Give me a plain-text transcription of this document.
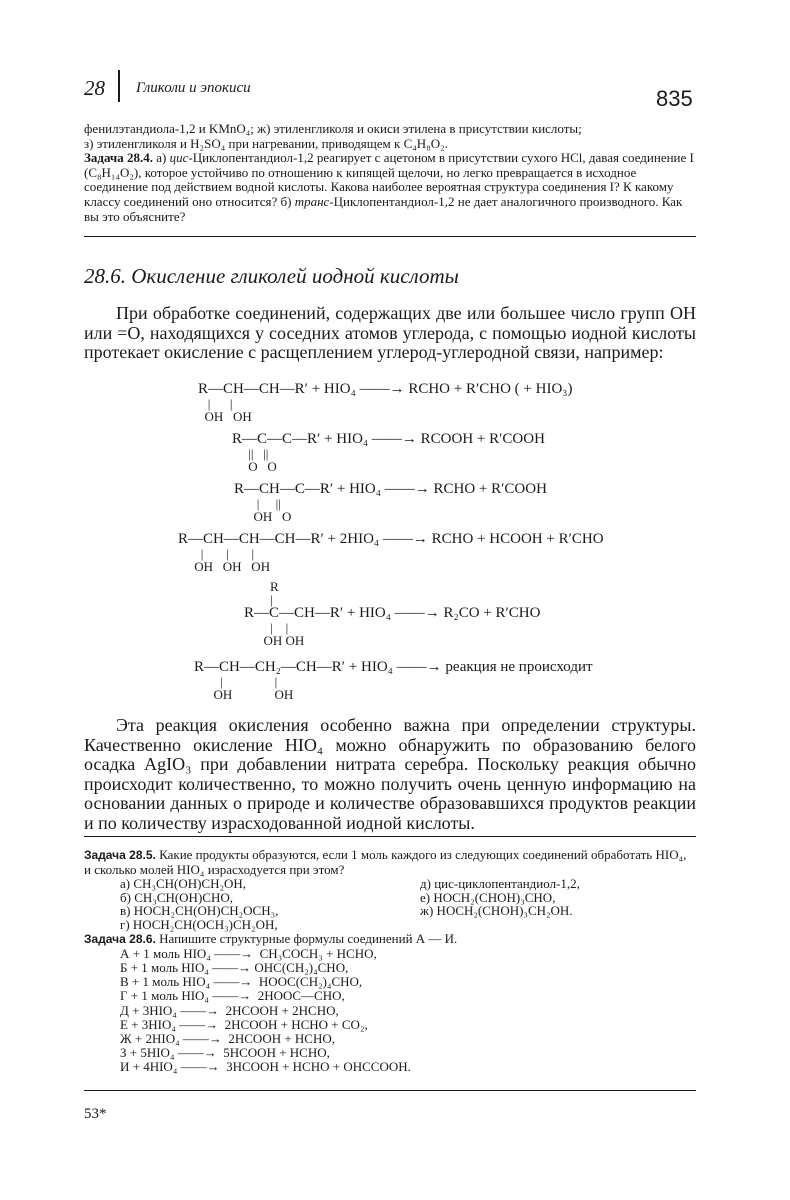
28 Гликоли и эпокиси	835
фенилэтандиола-1,2 и KMnO₄; ж) этиленгликоля и окиси этилена в присутствии кислоты;
з) этиленгликоля и H₂SO₄ при нагревании, приводящем к C₄H₈O₂.
Задача 28.4. а) цис-Циклопентандиол-1,2 реагирует с ацетоном в присутствии сухого HCl, давая соединение I (C₈H₁₄O₂), которое устойчиво по отношению к кипящей щелочи, но легко превращается в исходное соединение под действием водной кислоты. Какова наиболее вероятная структура соединения I? К какому классу соединений оно относится? б) транс-Циклопентандиол-1,2 не дает аналогичного производного. Как вы это объясните?
28.6. Окисление гликолей иодной кислоты

При обработке соединений, содержащих две или большее число групп OH или =O, находящихся у соседних атомов углерода, с помощью иодной кислоты протекает окисление с расщеплением углерод-углеродной связи, например:

R—CH—CH—R′ + HIO₄ ——→ RCHO + R′CHO ( + HIO₃)
|      |
OH   OH
R—C—C—R′ + HIO₄ ——→ RCOOH + R′COOH
||   ||
O   O
R—CH—C—R′ + HIO₄ ——→ RCHO + R′COOH
|     ||
OH   O
R—CH—CH—CH—R′ + 2HIO₄ ——→ RCHO + HCOOH + R′CHO
|       |       |
OH   OH   OH
R
|
R—C—CH—R′ + HIO₄ ——→ R₂CO + R′CHO
|    |
OH OH
R—CH—CH₂—CH—R′ + HIO₄ ——→ реакция не происходит
|                |
OH             OH

Эта реакция окисления особенно важна при определении структуры. Качественно окисление HIO₄ можно обнаружить по образованию белого осадка AgIO₃ при добавлении нитрата серебра. Поскольку реакция обычно происходит количественно, то можно получить очень ценную информацию на основании данных о природе и количестве образовавшихся продуктов реакции и по количеству израсходованной иодной кислоты.

Задача 28.5. Какие продукты образуются, если 1 моль каждого из следующих соединений обработать HIO₄, и сколько молей HIO₄ израсходуется при этом?

а) CH₃CH(OH)CH₂OH,	д) цис-циклопентандиол-1,2,
б) CH₃CH(OH)CHO,	е) HOCH₂(CHOH)₃CHO,
в) HOCH₂CH(OH)CH₂OCH₃,	ж) HOCH₂(CHOH)₃CH₂OH.
г) HOCH₂CH(OCH₃)CH₂OH,

Задача 28.6. Напишите структурные формулы соединений А — И.

А + 1 моль HIO₄ ——→  CH₃COCH₃ + HCHO,
Б + 1 моль HIO₄ ——→ OHC(CH₂)₄CHO,
В + 1 моль HIO₄ ——→  HOOC(CH₂)₄CHO,
Г + 1 моль HIO₄ ——→  2HOOC—CHO,
Д + 3HIO₄ ——→  2HCOOH + 2HCHO,
Е + 3HIO₄ ——→  2HCOOH + HCHO + CO₂,
Ж + 2HIO₄ ——→  2HCOOH + HCHO,
З + 5HIO₄ ——→  5HCOOH + HCHO,
И + 4HIO₄ ——→  3HCOOH + HCHO + OHCCOOH.
53*
